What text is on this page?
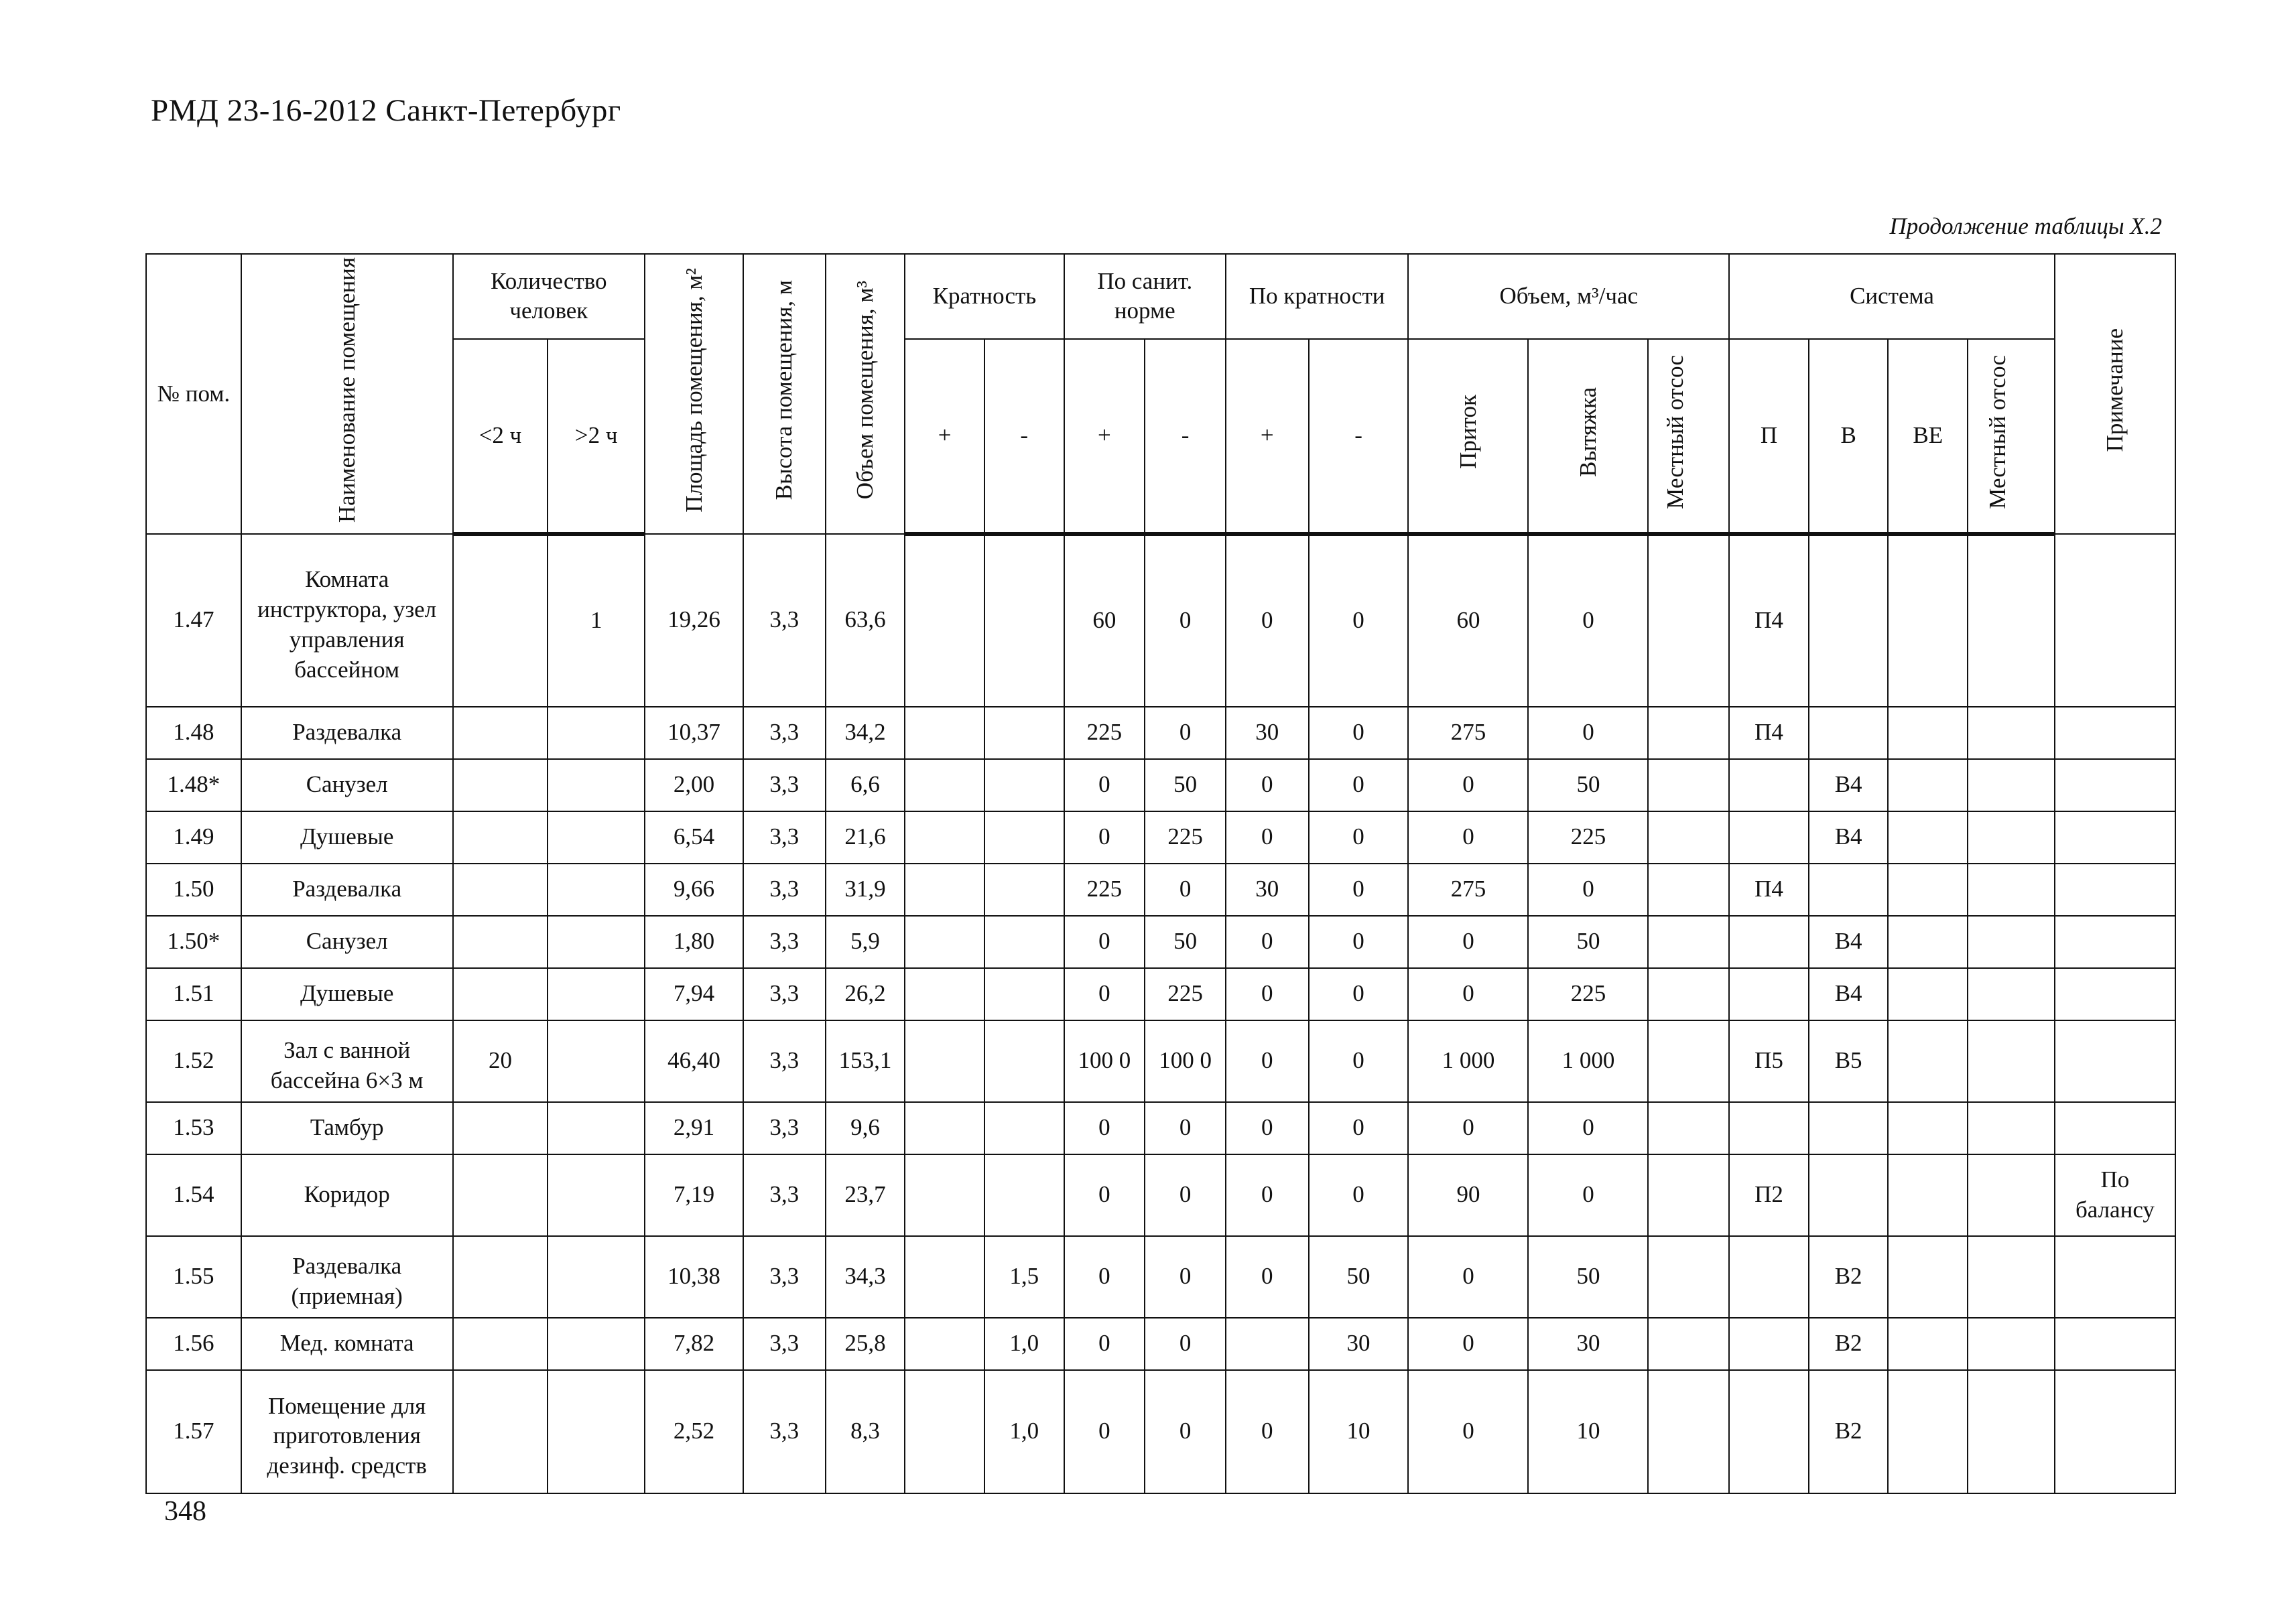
РМД 23-16-2012 Санкт-Петербург
Продолжение таблицы Х.2
№ пом.	Наименование помещения	Количество человек		Площадь помещения, м²	Высота помещения, м	Объем помещения, м³	Кратность		По санит. норме		По кратности		Объем, м³/час			Система				Примечание
		<2 ч	>2 ч				+	-	+	-	+	-	Приток	Вытяжка	Местный отсос	П	В	ВЕ	Местный отсос	
1.47	Комната инструктора, узел управления бассейном		1	19,26	3,3	63,6			60	0	0	0	60	0		П4				
1.48	Раздевалка			10,37	3,3	34,2			225	0	30	0	275	0		П4				
1.48*	Санузел			2,00	3,3	6,6			0	50	0	0	0	50			В4			
1.49	Душевые			6,54	3,3	21,6			0	225	0	0	0	225			В4			
1.50	Раздевалка			9,66	3,3	31,9			225	0	30	0	275	0		П4				
1.50*	Санузел			1,80	3,3	5,9			0	50	0	0	0	50			В4			
1.51	Душевые			7,94	3,3	26,2			0	225	0	0	0	225			В4			
1.52	Зал с ванной бассейна 6×3 м	20		46,40	3,3	153,1			100 0	100 0	0	0	1 000	1 000		П5	В5			
1.53	Тамбур			2,91	3,3	9,6			0	0	0	0	0	0						
1.54	Коридор			7,19	3,3	23,7			0	0	0	0	90	0		П2				По балансу
1.55	Раздевалка (приемная)			10,38	3,3	34,3		1,5	0	0	0	50	0	50			В2			
1.56	Мед. комната			7,82	3,3	25,8		1,0	0	0		30	0	30			В2			
1.57	Помещение для приготовления дезинф. средств			2,52	3,3	8,3		1,0	0	0	0	10	0	10			В2			
348
